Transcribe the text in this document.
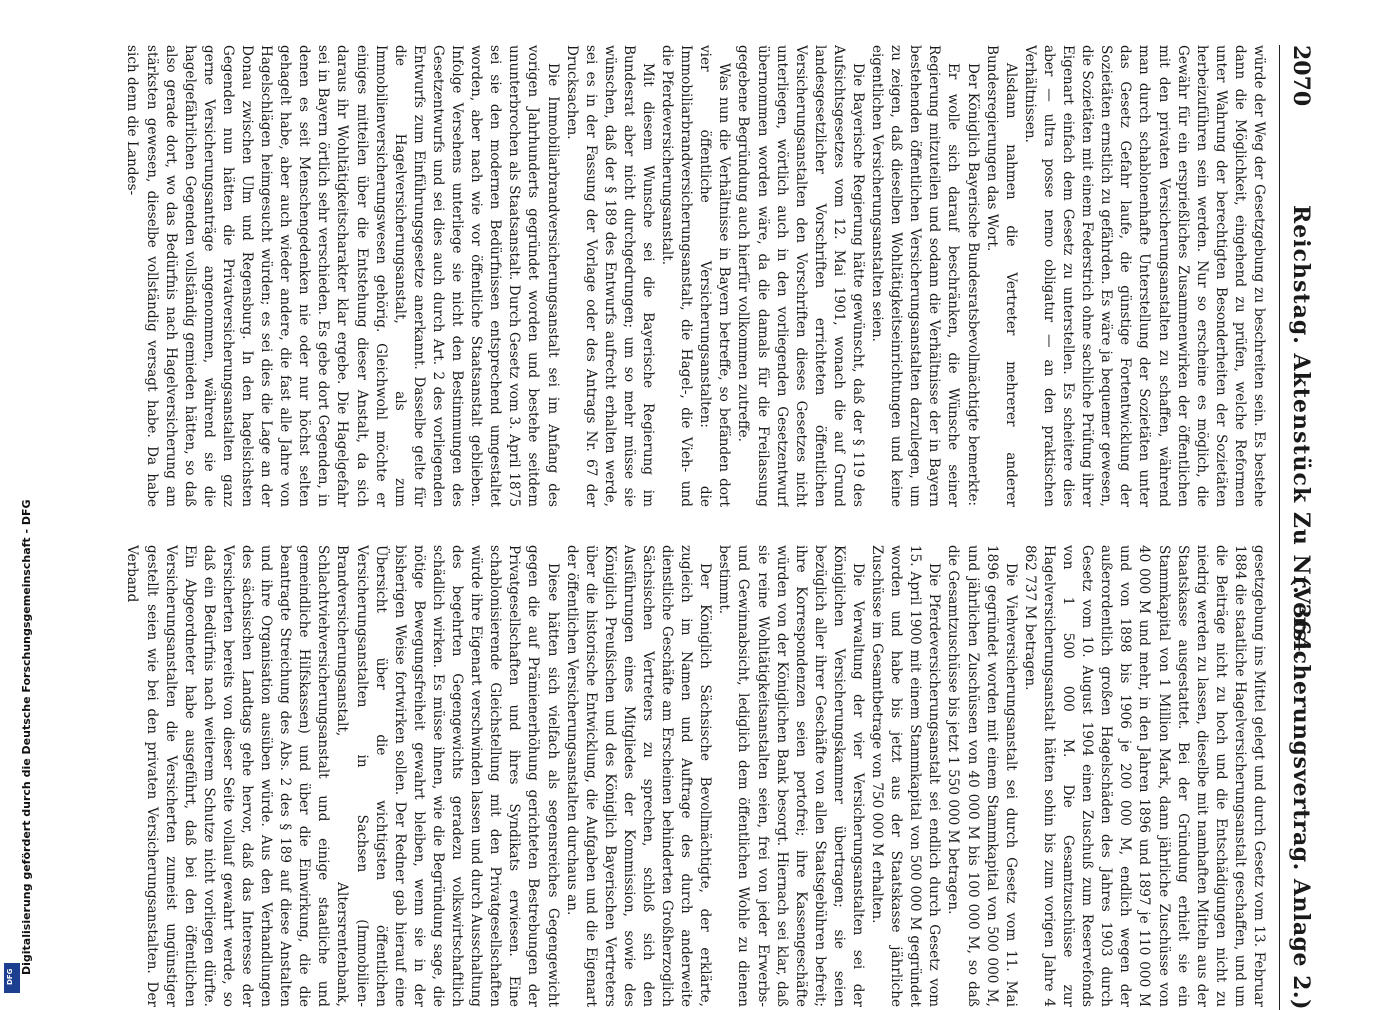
2070
Reichstag. Aktenstück Zu Nr. 364.
(Versicherungsvertrag. Anlage 2.)

würde der Weg der Gesetzgebung zu beschreiten sein. Es bestehe dann die Möglichkeit, eingehend zu prüfen, welche Reformen unter Wahrung der berechtigten Besonderheiten der Sozietäten herbeizuführen sein werden. Nur so erscheine es möglich, die Gewähr für ein ersprießliches Zusammenwirken der öffentlichen mit den privaten Versicherungsanstalten zu schaffen, während man durch schablonenhafte Unterstellung der Sozietäten unter das Gesetz Gefahr laufe, die günstige Fortentwicklung der Sozietäten ernstlich zu gefährden. Es wäre ja bequemer gewesen, die Sozietäten mit einem Federstrich ohne sachliche Prüfung ihrer Eigenart einfach dem Gesetz zu unterstellen. Es scheitere dies aber — ultra posse nemo obligatur — an den praktischen Verhältnissen.

Alsdann nahmen die Vertreter mehrerer anderer Bundesregierungen das Wort.

Der Königlich Bayerische Bundesratsbevollmächtigte bemerkte:

Er wolle sich darauf beschränken, die Wünsche seiner Regierung mitzuteilen und sodann die Verhältnisse der in Bayern bestehenden öffentlichen Versicherungsanstalten darzulegen, um zu zeigen, daß dieselben Wohltätigkeitseinrichtungen und keine eigentlichen Versicherungsanstalten seien.

Die Bayerische Regierung hätte gewünscht, daß der § 119 des Aufsichtsgesetzes vom 12. Mai 1901, wonach die auf Grund landesgesetzlicher Vorschriften errichteten öffentlichen Versicherungsanstalten den Vorschriften dieses Gesetzes nicht unterliegen, wörtlich auch in den vorliegenden Gesetzentwurf übernommen worden wäre, da die damals für die Freilassung gegebene Begründung auch hierfür vollkommen zutreffe.

Was nun die Verhältnisse in Bayern betreffe, so befänden dort vier öffentliche Versicherungsanstalten: die Immobiliarbrandversicherungsanstalt, die Hagel-, die Vieh- und die Pferdeversicherungsanstalt.

Mit diesem Wunsche sei die Bayerische Regierung im Bundesrat aber nicht durchgedrungen; um so mehr müsse sie wünschen, daß der § 189 des Entwurfs aufrecht erhalten werde, sei es in der Fassung der Vorlage oder des Antrags Nr. 67 der Drucksachen.

Die Immobiliarbrandversicherungsanstalt sei im Anfang des vorigen Jahrhunderts gegründet worden und bestehe seitdem ununterbrochen als Staatsanstalt. Durch Gesetz vom 3. April 1875 sei sie den modernen Bedürfnissen entsprechend umgestaltet worden, aber nach wie vor öffentliche Staatsanstalt geblieben. Infolge Versehens unterliege sie nicht den Bestimmungen des Gesetzentwurfs und sei dies auch durch Art. 2 des vorliegenden Entwurfs zum Einführungsgesetze anerkannt. Dasselbe gelte für die Hagelversicherungsanstalt, als zum Immobilienversicherungswesen gehörig. Gleichwohl möchte er einiges mitteilen über die Entstehung dieser Anstalt, da sich daraus ihr Wohltätigkeitscharakter klar ergebe. Die Hagelgefahr sei in Bayern örtlich sehr verschieden. Es gebe dort Gegenden, in denen es seit Menschengedenken nie oder nur höchst selten gehagelt habe, aber auch wieder andere, die fast alle Jahre von Hagelschlägen heimgesucht würden; es sei dies die Lage an der Donau zwischen Ulm und Regensburg. In den hagelsichsten Gegenden nun hätten die Privatversicherungsanstalten ganz gerne Versicherungsanträge angenommen, während sie die hagelgefährlichen Gegenden vollständig gemieden hätten, so daß also gerade dort, wo das Bedürfnis nach Hagelversicherung am stärksten gewesen, dieselbe vollständig versagt habe. Da habe sich denn die Landes-

gesetzgebung ins Mittel gelegt und durch Gesetz vom 13. Februar 1884 die staatliche Hagelversicherungsanstalt geschaffen, und um die Beiträge nicht zu hoch und die Entschädigungen nicht zu niedrig werden zu lassen, dieselbe mit namhaften Mitteln aus der Staatskasse ausgestattet. Bei der Gründung erhielt sie ein Stammkapital von 1 Million Mark, dann jährliche Zuschüsse von 40 000 M und mehr, in den Jahren 1896 und 1897 je 110 000 M und von 1898 bis 1906 je 200 000 M, endlich wegen der außerordentlich großen Hagelschäden des Jahres 1903 durch Gesetz vom 10. August 1904 einen Zuschuß zum Reservefonds von 1 500 000 M. Die Gesamtzuschüsse zur Hagelversicherungsanstalt hätten sohin bis zum vorigen Jahre 4 862 737 M betragen.

Die Viehversicherungsanstalt sei durch Gesetz vom 11. Mai 1896 gegründet worden mit einem Stammkapital von 500 000 M, und jährlichen Zuschüssen von 40 000 M bis 100 000 M, so daß die Gesamtzuschüsse bis jetzt 1 550 000 M betragen.

Die Pferdeversicherungsanstalt sei endlich durch Gesetz vom 15. April 1900 mit einem Stammkapital von 500 000 M gegründet worden und habe bis jetzt aus der Staatskasse jährliche Zuschüsse im Gesamtbetrage von 750 000 M erhalten.

Die Verwaltung der vier Versicherungsanstalten sei der Königlichen Versicherungskammer übertragen; sie seien bezüglich aller ihrer Geschäfte von allen Staatsgebühren befreit; ihre Korrespondenzen seien portofrei; ihre Kassengeschäfte würden von der Königlichen Bank besorgt. Hiernach sei klar, daß sie reine Wohltätigkeitsanstalten seien, frei von jeder Erwerbs- und Gewinnabsicht, lediglich dem öffentlichen Wohle zu dienen bestimmt.

Der Königlich Sächsische Bevollmächtigte, der erklärte, zugleich im Namen und Auftrage des durch anderweite dienstliche Geschäfte am Erscheinen behinderten Großherzoglich Sächsischen Vertreters zu sprechen, schloß sich den Ausführungen eines Mitgliedes der Kommission, sowie des Königlich Preußischen und des Königlich Bayerischen Vertreters über die historische Entwicklung, die Aufgaben und die Eigenart der öffentlichen Versicherungsanstalten durchaus an.

Diese hätten sich vielfach als segensreiches Gegengewicht gegen die auf Prämienerhöhung gerichteten Bestrebungen der Privatgesellschaften und ihres Syndikats erwiesen. Eine schablonisierende Gleichstellung mit den Privatgesellschaften würde ihre Eigenart verschwinden lassen und durch Ausschaltung des begehrten Gegengewichts geradezu volkswirtschaftlich schädlich wirken. Es müsse ihnen, wie die Begründung sage, die nötige Bewegungsfreiheit gewahrt bleiben, wenn sie in der bisherigen Weise fortwirken sollen. Der Redner gab hierauf eine Übersicht über die wichtigsten öffentlichen Versicherungsanstalten in Sachsen (Immobilien-Brandversicherungsanstalt, Altersrentenbank, Schlachtviehversicherungsanstalt und einige staatliche und gemeindliche Hilfskassen) und über die Einwirkung, die die beantragte Streichung des Abs. 2 des § 189 auf diese Anstalten und ihre Organisation ausüben würde. Aus den Verhandlungen des sächsischen Landtags gehe hervor, daß das Interesse der Versicherten bereits von dieser Seite vollauf gewahrt werde, so daß ein Bedürfnis nach weiterem Schutze nicht vorliegen dürfte. Ein Abgeordneter habe ausgeführt, daß bei den öffentlichen Versicherungsanstalten die Versicherten zumeist ungünstiger gestellt seien wie bei den privaten Versicherungsanstalten. Der Verband

Digitalisierung gefördert durch die Deutsche Forschungsgemeinschaft - DFG
DFG
